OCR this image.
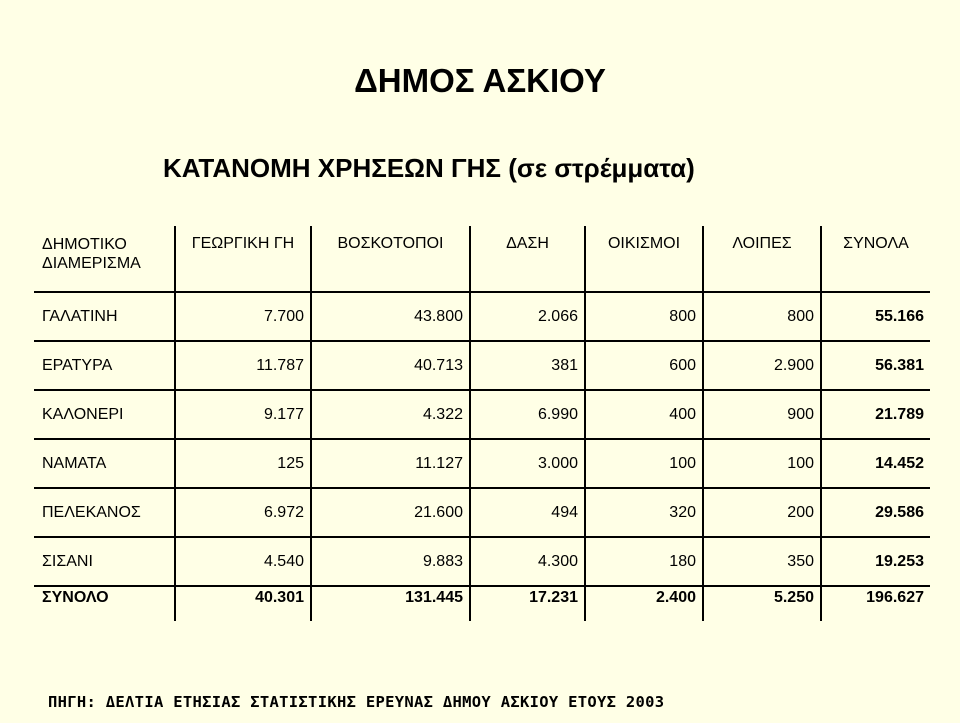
ΔΗΜΟΣ ΑΣΚΙΟΥ
ΚΑΤΑΝΟΜΗ ΧΡΗΣΕΩΝ ΓΗΣ (σε στρέμματα)
ΔΗΜΟΤΙΚΟ ΔΙΑΜΕΡΙΣΜΑ	ΓΕΩΡΓΙΚΗ ΓΗ	ΒΟΣΚΟΤΟΠΟΙ	ΔΑΣΗ	ΟΙΚΙΣΜΟΙ	ΛΟΙΠΕΣ	ΣΥΝΟΛΑ
ΓΑΛΑΤΙΝΗ	7.700	43.800	2.066	800	800	55.166
ΕΡΑΤΥΡΑ	11.787	40.713	381	600	2.900	56.381
ΚΑΛΟΝΕΡΙ	9.177	4.322	6.990	400	900	21.789
ΝΑΜΑΤΑ	125	11.127	3.000	100	100	14.452
ΠΕΛΕΚΑΝΟΣ	6.972	21.600	494	320	200	29.586
ΣΙΣΑΝΙ	4.540	9.883	4.300	180	350	19.253
ΣΥΝΟΛΟ	40.301	131.445	17.231	2.400	5.250	196.627

ΠΗΓΗ: ΔΕΛΤΙΑ ΕΤΗΣΙΑΣ ΣΤΑΤΙΣΤΙΚΗΣ ΕΡΕΥΝΑΣ ΔΗΜΟΥ ΑΣΚΙΟΥ ΕΤΟΥΣ 2003
